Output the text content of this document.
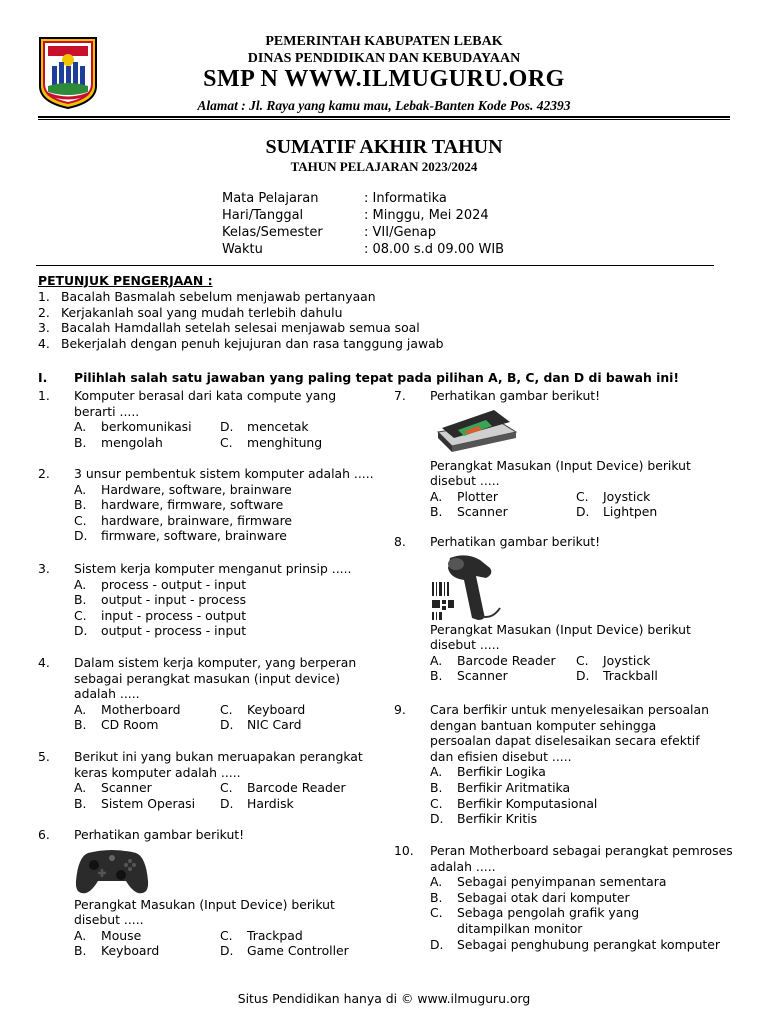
PEMERINTAH KABUPATEN LEBAK
DINAS PENDIDIKAN DAN KEBUDAYAAN
SMP N WWW.ILMUGURU.ORG
Alamat : Jl. Raya yang kamu mau, Lebak-Banten Kode Pos. 42393
SUMATIF AKHIR TAHUN
TAHUN PELAJARAN 2023/2024
Mata Pelajaran	: Informatika
Hari/Tanggal	: Minggu, Mei 2024
Kelas/Semester	: VII/Genap
Waktu	: 08.00 s.d 09.00 WIB
PETUNJUK PENGERJAAN :
1. Bacalah Basmalah sebelum menjawab pertanyaan
2. Kerjakanlah soal yang mudah terlebih dahulu
3. Bacalah Hamdallah setelah selesai menjawab semua soal
4. Bekerjalah dengan penuh kejujuran dan rasa tanggung jawab
I.	Pilihlah salah satu jawaban yang paling tepat pada pilihan A, B, C, dan D di bawah ini!
1.	Komputer berasal dari kata compute yang berarti .....
A.	berkomunikasi D.	mencetak
B.	mengolah	C.	menghitung
2.	3 unsur pembentuk sistem komputer adalah .....
A.	Hardware, software, brainware
B.	hardware, firmware, software
C.	hardware, brainware, firmware
D.	firmware, software, brainware
3.	Sistem kerja komputer menganut prinsip .....
A.	process - output - input
B.	output - input - process
C.	input - process - output
D.	output - process - input
4.	Dalam sistem kerja komputer, yang berperan sebagai perangkat masukan (input device) adalah .....
A.	Motherboard	C.	Keyboard
B.	CD Room	D.	NIC Card
5.	Berikut ini yang bukan meruapakan perangkat keras komputer adalah .....
A.	Scanner	C.	Barcode Reader
B.	Sistem Operasi D.	Hardisk
6.	Perhatikan gambar berikut!
Perangkat Masukan (Input Device) berikut disebut .....
A.	Mouse	C.	Trackpad
B.	Keyboard	D.	Game Controller
7.	Perhatikan gambar berikut!
Perangkat Masukan (Input Device) berikut disebut .....
A.	Plotter	C.	Joystick
B.	Scanner	D.	Lightpen
8.	Perhatikan gambar berikut!
Perangkat Masukan (Input Device) berikut disebut .....
A.	Barcode Reader C.	Joystick
B.	Scanner	D.	Trackball
9.	Cara berfikir untuk menyelesaikan persoalan dengan bantuan komputer sehingga persoalan dapat diselesaikan secara efektif dan efisien disebut .....
A.	Berfikir Logika
B.	Berfikir Aritmatika
C.	Berfikir Komputasional
D.	Berfikir Kritis
10.	Peran Motherboard sebagai perangkat pemroses adalah .....
A.	Sebagai penyimpanan sementara
B.	Sebagai otak dari komputer
C.	Sebaga pengolah grafik yang ditampilkan monitor
D.	Sebagai penghubung perangkat komputer
Situs Pendidikan hanya di © www.ilmuguru.org
